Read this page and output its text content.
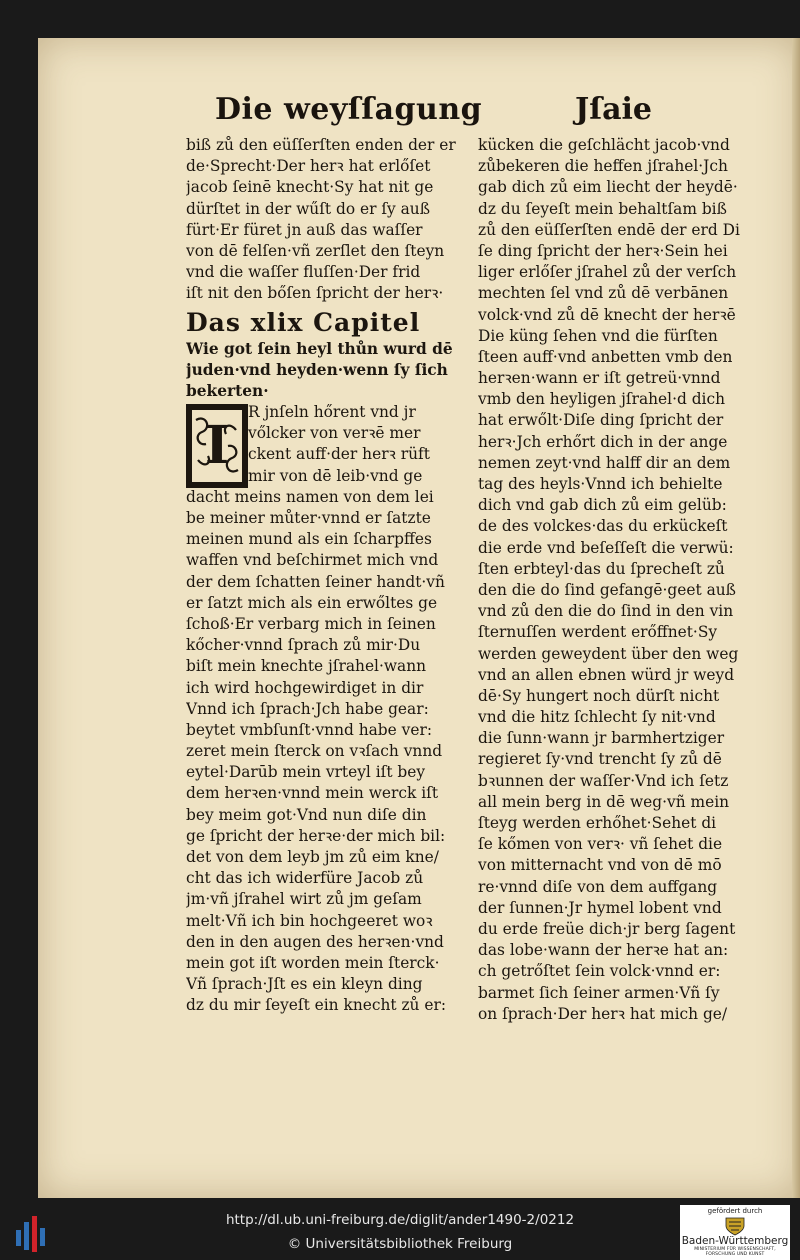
Die weyſſagung	Jſaie
biß zů den eüſſerſten enden der er
de·Sprecht·Der herꝛ hat erlőſet
jacob ſeinē knecht·Sy hat nit ge
dürſtet in der wűſt do er ſy auß
fürt·Er füret jn auß das waſſer
von dē felſen·vñ zerſlet den ſteyn
vnd die waſſer fluſſen·Der frid
iſt nit den bőſen ſpricht der herꝛ·
Das xlix Capitel
Wie got ſein heyl thůn wurd dē
juden·vnd heyden·wenn ſy ſich
bekerten·
I
R jnſeln hőrent vnd jr
vőlcker von verꝛē mer
ckent auff·der herꝛ rüft
mir von dē leib·vnd ge
dacht meins namen von dem lei
be meiner můter·vnnd er ſatzte
meinen mund als ein ſcharpffes
waffen vnd beſchirmet mich vnd
der dem ſchatten ſeiner handt·vñ
er ſatzt mich als ein erwőltes ge
ſchoß·Er verbarg mich in ſeinen
kőcher·vnnd ſprach zů mir·Du
biſt mein knechte jſrahel·wann
ich wird hochgewirdiget in dir
Vnnd ich ſprach·Jch habe gear:
beytet vmbſunſt·vnnd habe ver:
zeret mein ſterck on vꝛſach vnnd
eytel·Darūb mein vrteyl iſt bey
dem herꝛen·vnnd mein werck iſt
bey meim got·Vnd nun diſe din
ge ſpricht der herꝛe·der mich bil:
det von dem leyb jm zů eim kne/
cht das ich widerfüre Jacob zů
jm·vñ jſrahel wirt zů jm geſam
melt·Vñ ich bin hochgeeret woꝛ
den in den augen des herꝛen·vnd
mein got iſt worden mein ſterck·
Vñ ſprach·Jſt es ein kleyn ding
dz du mir ſeyeſt ein knecht zů er:
kücken die geſchlächt jacob·vnd
zůbekeren die heffen jſrahel·Jch
gab dich zů eim liecht der heydē·
dz du ſeyeſt mein behaltſam biß
zů den eüſſerſten endē der erd Di
ſe ding ſpricht der herꝛ·Sein hei
liger erlőſer jſrahel zů der verſch
mechten ſel vnd zů dē verbānen
volck·vnd zů dē knecht der herꝛē
Die küng ſehen vnd die fürſten
ſteen auff·vnd anbetten vmb den
herꝛen·wann er iſt getreü·vnnd
vmb den heyligen jſrahel·d dich
hat erwőlt·Diſe ding ſpricht der
herꝛ·Jch erhőrt dich in der ange
nemen zeyt·vnd halff dir an dem
tag des heyls·Vnnd ich behielte
dich vnd gab dich zů eim gelüb:
de des volckes·das du erkückeſt
die erde vnd beſeſſeſt die verwü:
ſten erbteyl·das du ſprecheſt zů
den die do ſind gefangē·geet auß
vnd zů den die do ſind in den vin
ſternuſſen werdent erőffnet·Sy
werden geweydent über den weg
vnd an allen ebnen würd jr weyd
dē·Sy hungert noch dürſt nicht
vnd die hitz ſchlecht ſy nit·vnd
die ſunn·wann jr barmhertziger
regieret ſy·vnd trencht ſy zů dē
bꝛunnen der waſſer·Vnd ich ſetz
all mein berg in dē weg·vñ mein
ſteyg werden erhőhet·Sehet di
ſe kőmen von verꝛ· vñ ſehet die
von mitternacht vnd von dē mō
re·vnnd diſe von dem auffgang
der ſunnen·Jr hymel lobent vnd
du erde freüe dich·jr berg ſagent
das lobe·wann der herꝛe hat an:
ch getrőſtet ſein volck·vnnd er:
barmet ſich ſeiner armen·Vñ ſy
on ſprach·Der herꝛ hat mich ge/
http://dl.ub.uni-freiburg.de/diglit/ander1490-2/0212
© Universitätsbibliothek Freiburg
gefördert durch
Baden-Württemberg
MINISTERIUM FÜR WISSENSCHAFT, FORSCHUNG UND KUNST
